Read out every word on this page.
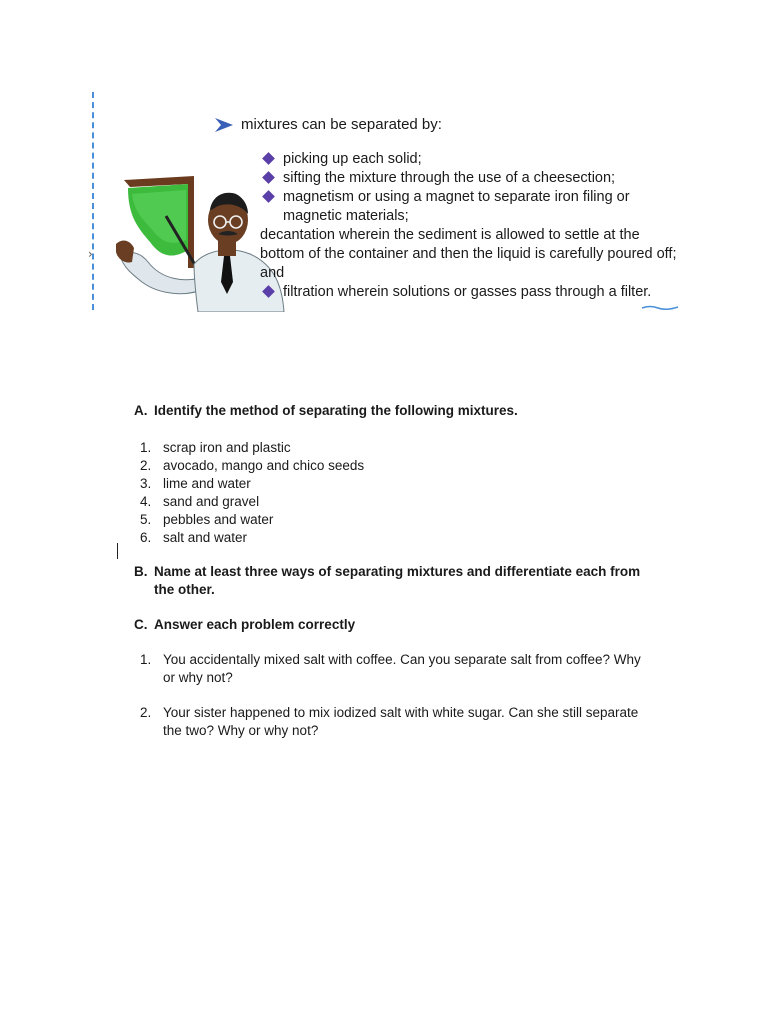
›
mixtures can be separated by:
picking up each solid;
sifting the mixture through the use of a cheesection;
magnetism or using a magnet to separate iron filing or magnetic materials;
decantation wherein the sediment is allowed to settle at the bottom of the container and then the liquid is carefully poured off; and
filtration wherein solutions or gasses pass through a filter.
A. Identify the method of separating the following mixtures.
1. scrap iron and plastic
2. avocado, mango and chico seeds
3. lime and water
4. sand and gravel
5. pebbles and water
6. salt and water
B. Name at least three ways of separating mixtures and differentiate each from the other.
C. Answer each problem correctly
1. You accidentally mixed salt with coffee. Can you separate salt from coffee? Why or why not?
2. Your sister happened to mix iodized salt with white sugar. Can she still separate the two? Why or why not?
